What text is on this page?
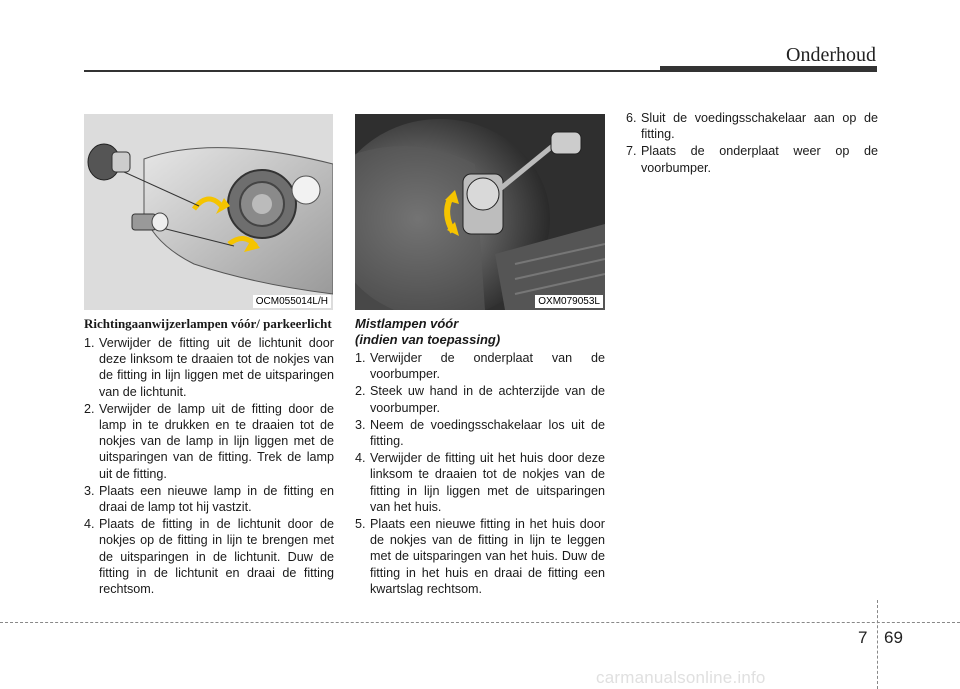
Onderhoud
OCM055014L/H	OXM079053L
Richtingaanwijzerlampen vóór/ parkeerlicht
1. Verwijder de fitting uit de lichtunit door deze linksom te draaien tot de nokjes van de fitting in lijn liggen met de uitsparingen van de lichtunit.
2. Verwijder de lamp uit de fitting door de lamp in te drukken en te draaien tot de nokjes van de lamp in lijn liggen met de uitsparingen van de fitting. Trek de lamp uit de fitting.
3. Plaats een nieuwe lamp in de fitting en draai de lamp tot hij vastzit.
4. Plaats de fitting in de lichtunit door de nokjes op de fitting in lijn te brengen met de uitsparingen in de lichtunit. Duw de fitting in de lichtunit en draai de fitting rechtsom.
Mistlampen vóór
(indien van toepassing)
1. Verwijder de onderplaat van de voorbumper.
2. Steek uw hand in de achterzijde van de voorbumper.
3. Neem de voedingsschakelaar los uit de fitting.
4. Verwijder de fitting uit het huis door deze linksom te draaien tot de nokjes van de fitting in lijn liggen met de uitsparingen van het huis.
5. Plaats een nieuwe fitting in het huis door de nokjes van de fitting in lijn te leggen met de uitsparingen van het huis. Duw de fitting in het huis en draai de fitting een kwartslag rechtsom.
6. Sluit de voedingsschakelaar aan op de fitting.
7. Plaats de onderplaat weer op de voorbumper.
7 69
carmanualsonline.info
